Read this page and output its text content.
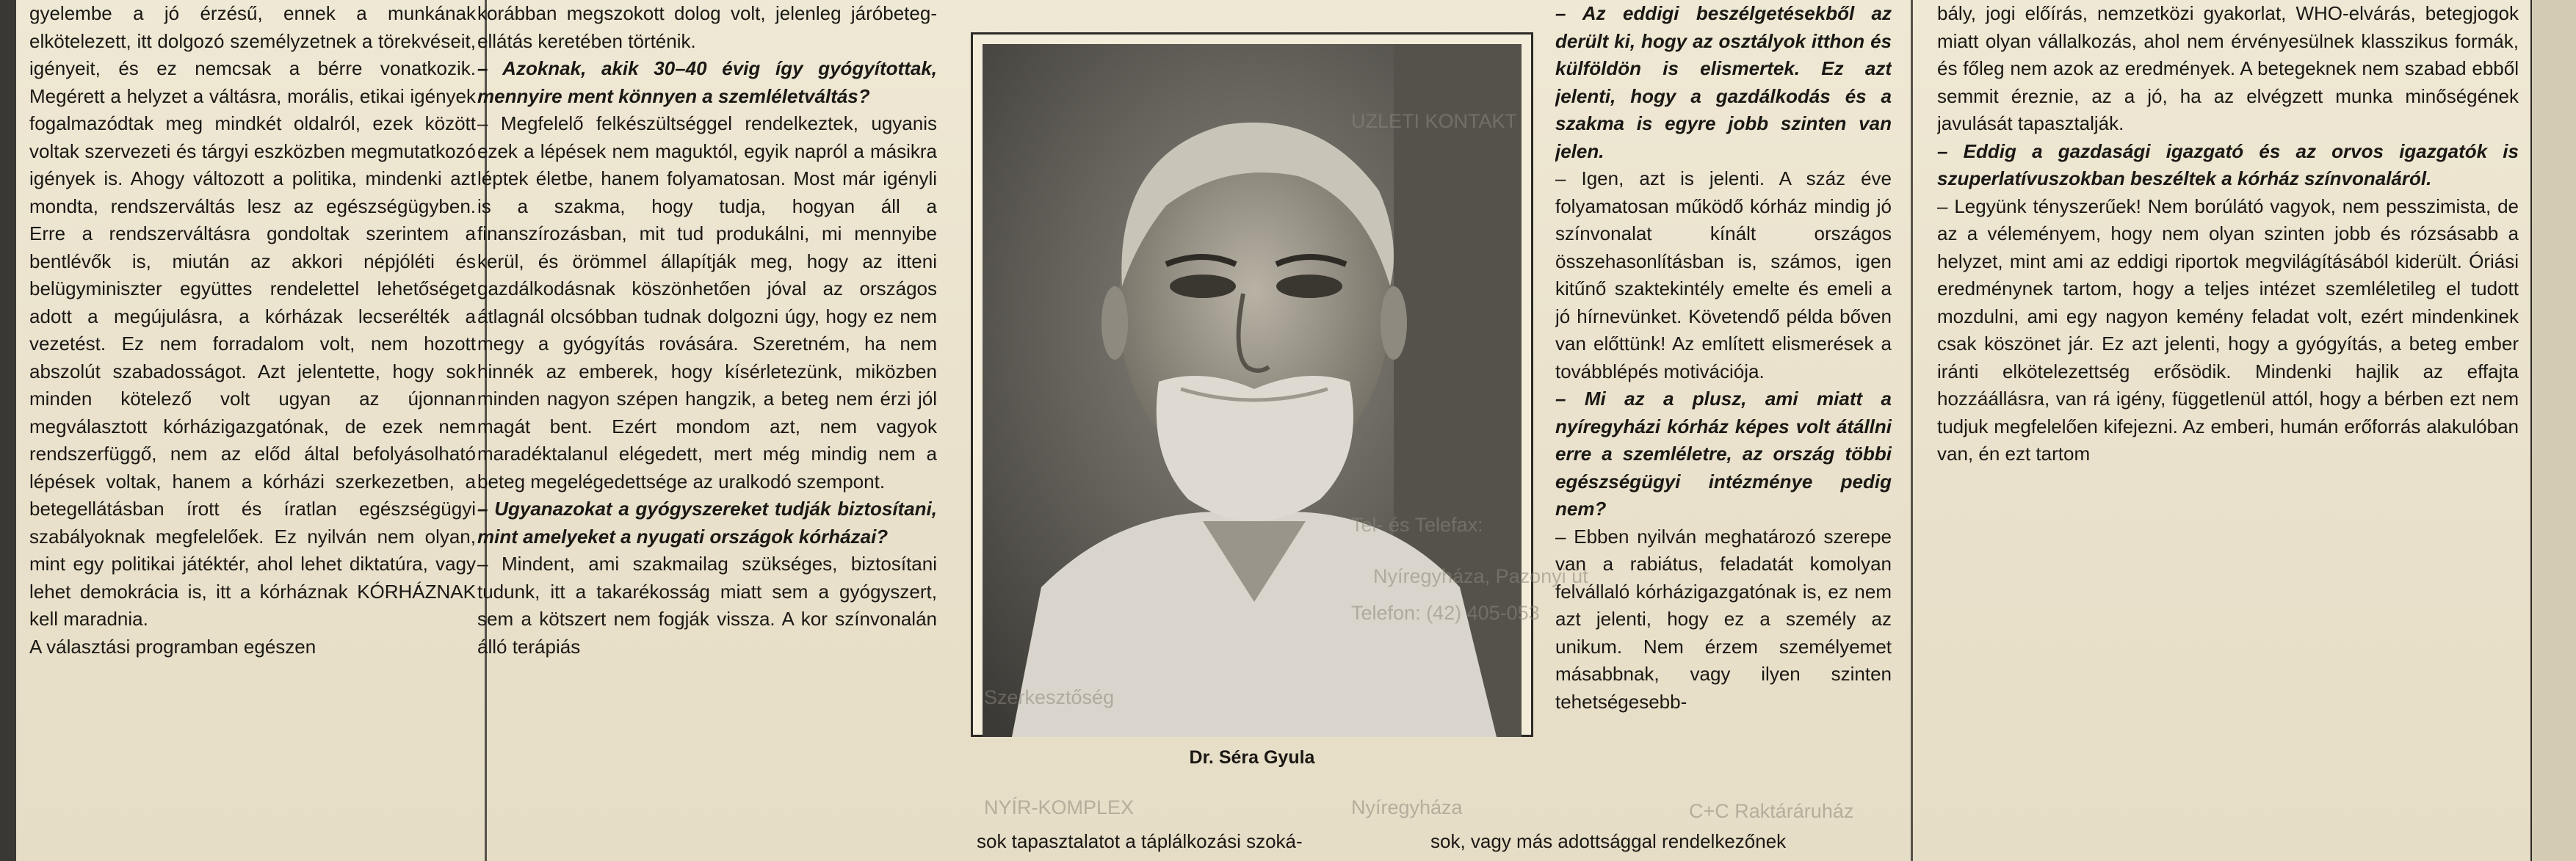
gyelembe a jó érzésű, ennek a munkának elkötelezett, itt dolgozó személyzetnek a törekvéseit, igényeit, és ez nemcsak a bérre vonatkozik. Megérett a helyzet a váltásra, morális, etikai igények fogalmazódtak meg mindkét oldalról, ezek között voltak szervezeti és tárgyi eszközben megmutatkozó igények is. Ahogy változott a politika, mindenki azt mondta, rendszerváltás lesz az egészségügyben. Erre a rendszerváltásra gondoltak szerintem a bentlévők is, miután az akkori népjóléti és belügyminiszter együttes rendelettel lehetőséget adott a megújulásra, a kórházak lecserélték a vezetést. Ez nem forradalom volt, nem hozott abszolút szabadosságot. Azt jelentette, hogy sok minden kötelező volt ugyan az újonnan megválasztott kórházigazgatónak, de ezek nem rendszerfüggő, nem az előd által befolyásolható lépések voltak, hanem a kórházi szerkezetben, a betegellátásban írott és íratlan egészségügyi szabályoknak megfelelőek. Ez nyilván nem olyan, mint egy politikai játéktér, ahol lehet diktatúra, vagy lehet demokrácia is, itt a kórháznak KÓRHÁZNAK kell maradnia.

A választási programban egészen

korábban megszokott dolog volt, jelenleg járóbeteg-ellátás keretében történik.

– Azoknak, akik 30–40 évig így gyógyítottak, mennyire ment könnyen a szemléletváltás?

– Megfelelő felkészültséggel rendelkeztek, ugyanis ezek a lépések nem maguktól, egyik napról a másikra léptek életbe, hanem folyamatosan. Most már igényli is a szakma, hogy tudja, hogyan áll a finanszírozásban, mit tud produkálni, mi mennyibe kerül, és örömmel állapítják meg, hogy az itteni gazdálkodásnak köszönhetően jóval az országos átlagnál olcsóbban tudnak dolgozni úgy, hogy ez nem megy a gyógyítás rovására. Szeretném, ha nem hinnék az emberek, hogy kísérletezünk, miközben minden nagyon szépen hangzik, a beteg nem érzi jól magát bent. Ezért mondom azt, nem vagyok maradéktalanul elégedett, mert még mindig nem a beteg megelégedettsége az uralkodó szempont.

– Ugyanazokat a gyógyszereket tudják biztosítani, mint amelyeket a nyugati országok kórházai?

– Mindent, ami szakmailag szükséges, biztosítani tudunk, itt a takarékosság miatt sem a gyógyszert, sem a kötszert nem fogják vissza. A kor színvonalán álló terápiás

Dr. Séra Gyula
sok tapasztalatot a táplálkozási szoká-

– Az eddigi beszélgetésekből az derült ki, hogy az osztályok itthon és külföldön is elismertek. Ez azt jelenti, hogy a gazdálkodás és a szakma is egyre jobb szinten van jelen.

– Igen, azt is jelenti. A száz éve folyamatosan működő kórház mindig jó színvonalat kínált országos összehasonlításban is, számos, igen kitűnő szaktekintély emelte és emeli a jó hírnevünket. Követendő példa bőven van előttünk! Az említett elismerések a továbblépés motivációja.

– Mi az a plusz, ami miatt a nyíregyházi kórház képes volt átállni erre a szemléletre, az ország többi egészségügyi intézménye pedig nem?

– Ebben nyilván meghatározó szerepe van a rabiátus, feladatát komolyan felvállaló kórházigazgatónak is, ez nem azt jelenti, hogy ez a személy az unikum. Nem érzem személyemet másabbnak, vagy ilyen szinten tehetségesebb-

sok, vagy más adottsággal rendelkezőnek

bály, jogi előírás, nemzetközi gyakorlat, WHO-elvárás, betegjogok miatt olyan vállalkozás, ahol nem érvényesülnek klasszikus formák, és főleg nem azok az eredmények. A betegeknek nem szabad ebből semmit érezniе, az a jó, ha az elvégzett munka minőségének javulását tapasztalják.

– Eddig a gazdasági igazgató és az orvos igazgatók is szuperlatívuszokban beszéltek a kórház színvonaláról.

– Legyünk tényszerűek! Nem borúlátó vagyok, nem pesszimista, de az a véleményem, hogy nem olyan szinten jobb és rózsásabb a helyzet, mint ami az eddigi riportok megvilágításából kiderült. Óriási eredménynek tartom, hogy a teljes intézet szemléletileg el tudott mozdulni, ami egy nagyon kemény feladat volt, ezért mindenkinek csak köszönet jár. Ez azt jelenti, hogy a gyógyítás, a beteg ember iránti elkötelezettség erősödik. Mindenki hajlik az effajta hozzáállásra, van rá igény, függetlenül attól, hogy a bérben ezt nem tudjuk megfelelően kifejezni. Az emberi, humán erőforrás alakulóban van, én ezt tartom

UZLETI KONTAKT
Tel- és Telefax:
Nyíregyháza, Pazonyi út
Telefon: (42) 405-053
Szerkesztőség
Nyíregyháza	C+C Raktáráruház
NYÍR-KOMPLEX
